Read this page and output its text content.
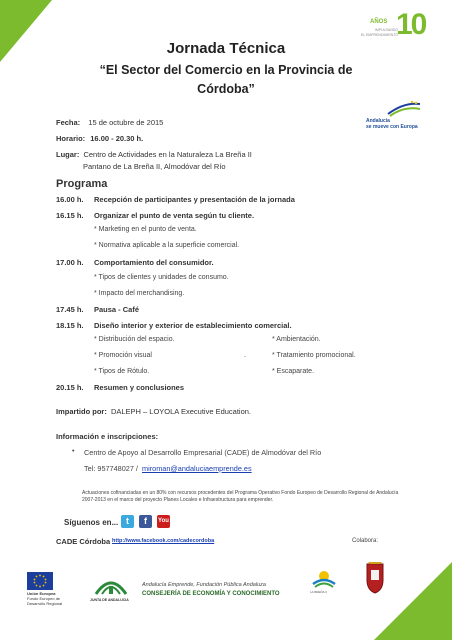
AÑOS 10
IMPULSANDO
EL EMPRENDIMIENTO
Jornada Técnica
“El Sector del Comercio en la Provincia de
Córdoba”
Andalucía
se mueve con Europa

Fecha: 15 de octubre de 2015

Horario: 16.00 - 20.30 h.

Lugar: Centro de Actividades en la Naturaleza La Breña II

Pantano de La Breña II, Almodóvar del Río

Programa
16.00 h. Recepción de participantes y presentación de la jornada
16.15 h. Organizar el punto de venta según tu cliente.
* Marketing en el punto de venta.
* Normativa aplicable a la superficie comercial.
17.00 h. Comportamiento del consumidor.
* Tipos de clientes y unidades de consumo.
* Impacto del merchandising.
17.45 h. Pausa - Café
18.15 h. Diseño interior y exterior de establecimiento comercial.
* Distribución del espacio.
* Promoción visual
* Tipos de Rótulo.
.
* Ambientación.
* Tratamiento promocional.
* Escaparate.
20.15 h. Resumen y conclusiones

Impartido por: DALEPH – LOYOLA Executive Education.

Información e inscripciones:

• Centro de Apoyo al Desarrollo Empresarial (CADE) de Almodóvar del Río
Tel: 957748027 / miroman@andaluciaemprende.es

Actuaciones cofinanciadas en un 80% con recursos procedentes del Programa Operativo Fondo Europeo de Desarrollo Regional de Andalucía 2007-2013 en el marco del proyecto Planes Locales e Infraestructura para emprender.

Síguenos en... t	f	You
CADE Córdoba http://www.facebook.com/cadecordoba	Colabora:
Unión Europea
Fondo Europeo de Desarrollo Regional
JUNTA DE ANDALUCIA
Andalucía Emprende, Fundación Pública Andaluza
CONSEJERÍA DE ECONOMÍA Y CONOCIMIENTO	LA BREÑA II
